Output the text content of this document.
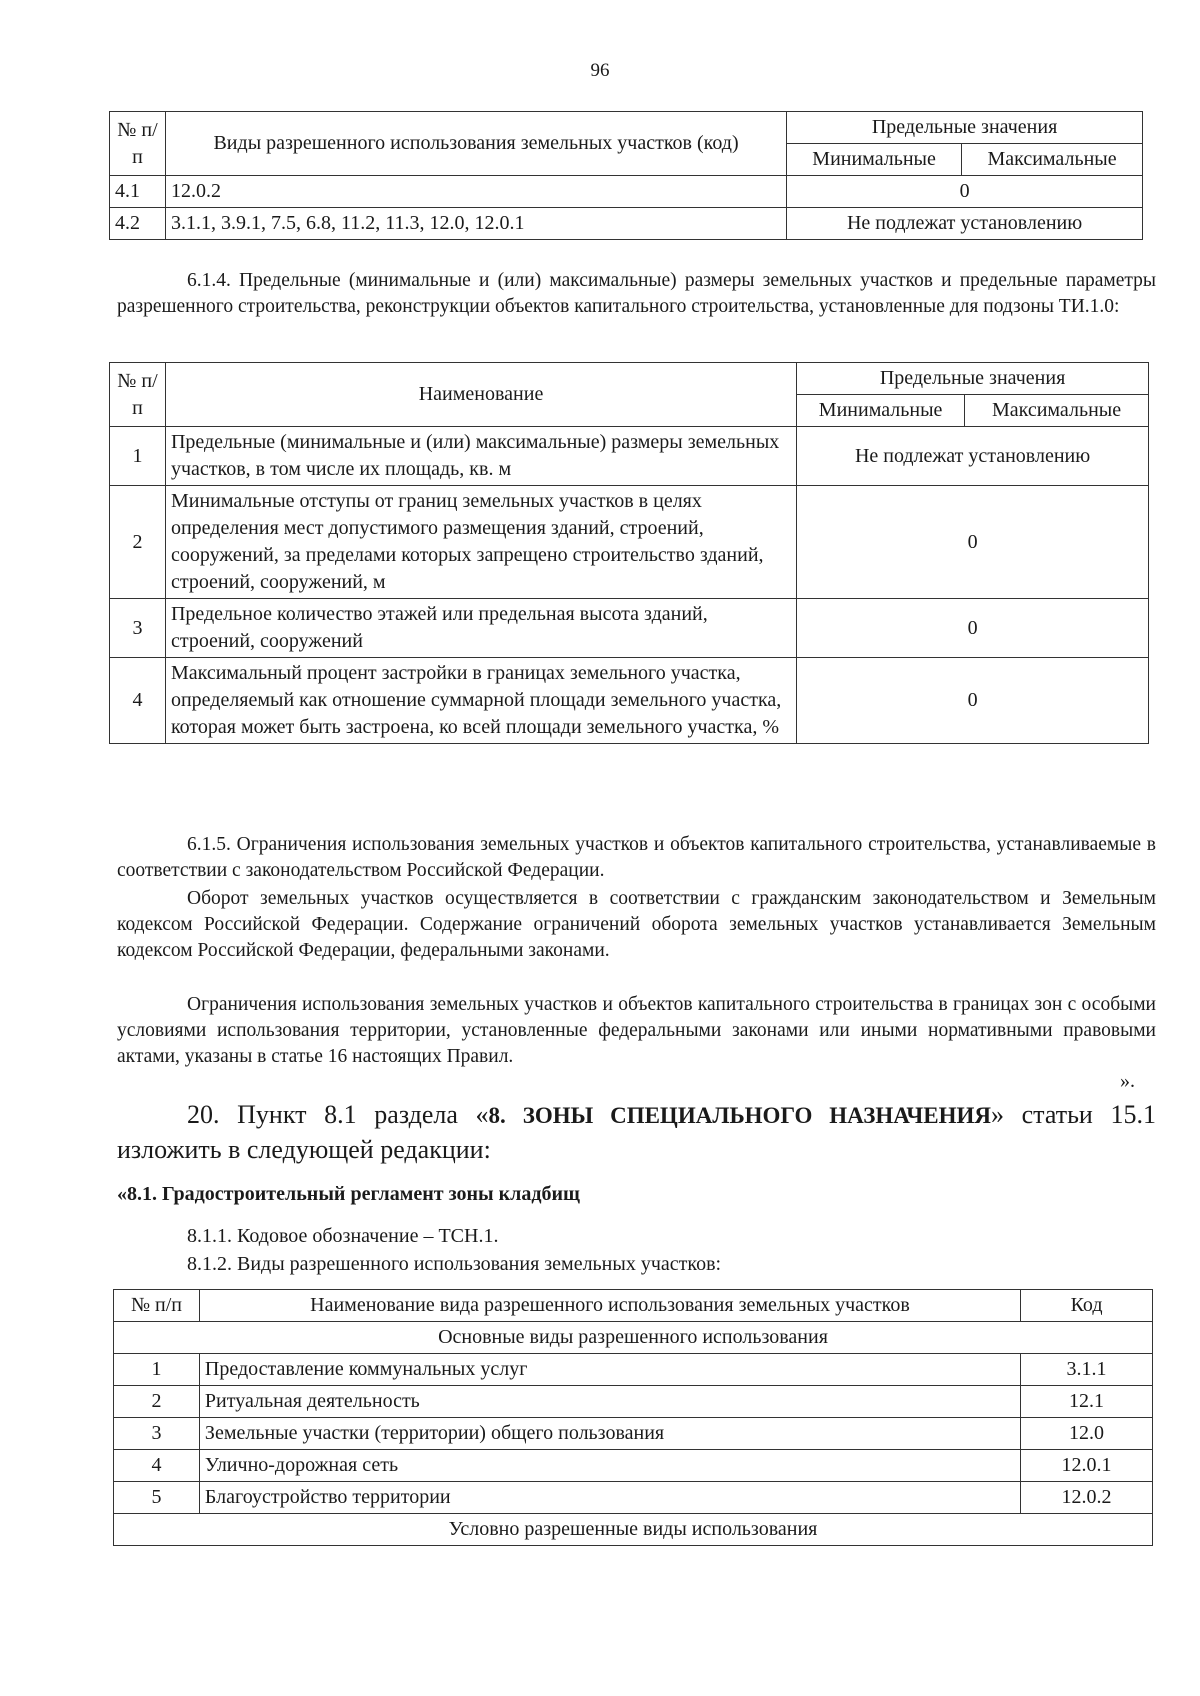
96
№ п/п	Виды разрешенного использования земельных участков (код)	Предельные значения	
		Минимальные	Максимальные
4.1	12.0.2	0	
4.2	3.1.1, 3.9.1, 7.5, 6.8, 11.2, 11.3, 12.0, 12.0.1	Не подлежат установлению	
6.1.4. Предельные (минимальные и (или) максимальные) размеры земельных участков и предельные параметры разрешенного строительства, реконструкции объектов капитального строительства, установленные для подзоны ТИ.1.0:
№ п/п	Наименование	Предельные значения	
		Минимальные	Максимальные
1	Предельные (минимальные и (или) максимальные) размеры земельных участков, в том числе их площадь, кв. м	Не подлежат установлению	
2	Минимальные отступы от границ земельных участков в целях определения мест допустимого размещения зданий, строений, сооружений, за пределами которых запрещено строительство зданий, строений, сооружений, м	0	
3	Предельное количество этажей или предельная высота зданий, строений, сооружений	0	
4	Максимальный процент застройки в границах земельного участка, определяемый как отношение суммарной площади земельного участка, которая может быть застроена, ко всей площади земельного участка, %	0	
6.1.5. Ограничения использования земельных участков и объектов капитального строительства, устанавливаемые в соответствии с законодательством Российской Федерации.
Оборот земельных участков осуществляется в соответствии с гражданским законодательством и Земельным кодексом Российской Федерации. Содержание ограничений оборота земельных участков устанавливается Земельным кодексом Российской Федерации, федеральными законами.
Ограничения использования земельных участков и объектов капитального строительства в границах зон с особыми условиями использования территории, установленные федеральными законами или иными нормативными правовыми актами, указаны в статье 16 настоящих Правил.
».
20. Пункт 8.1 раздела «8. ЗОНЫ СПЕЦИАЛЬНОГО НАЗНАЧЕНИЯ» статьи 15.1 изложить в следующей редакции:
«8.1. Градостроительный регламент зоны кладбищ
8.1.1. Кодовое обозначение – ТСН.1.
8.1.2. Виды разрешенного использования земельных участков:
№ п/п	Наименование вида разрешенного использования земельных участков	Код
Основные виды разрешенного использования		
1	Предоставление коммунальных услуг	3.1.1
2	Ритуальная деятельность	12.1
3	Земельные участки (территории) общего пользования	12.0
4	Улично-дорожная сеть	12.0.1
5	Благоустройство территории	12.0.2
Условно разрешенные виды использования		
